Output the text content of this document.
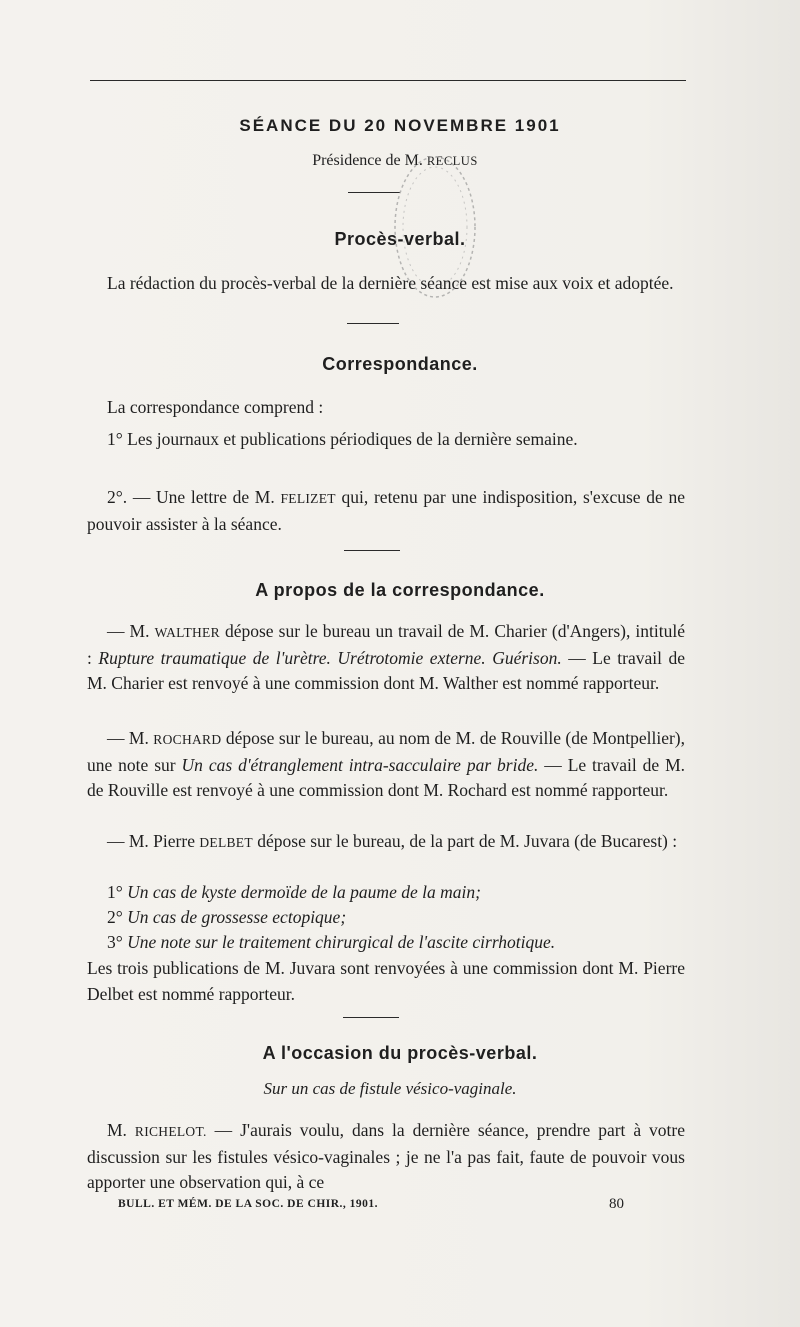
SÉANCE DU 20 NOVEMBRE 1901
Présidence de M. RECLUS
Procès-verbal.

La rédaction du procès-verbal de la dernière séance est mise aux voix et adoptée.

Correspondance.

La correspondance comprend :

1° Les journaux et publications périodiques de la dernière semaine.

2°. — Une lettre de M. FELIZET qui, retenu par une indisposition, s'excuse de ne pouvoir assister à la séance.

A propos de la correspondance.

— M. WALTHER dépose sur le bureau un travail de M. Charier (d'Angers), intitulé : Rupture traumatique de l'urètre. Urétrotomie externe. Guérison. — Le travail de M. Charier est renvoyé à une commission dont M. Walther est nommé rapporteur.

— M. ROCHARD dépose sur le bureau, au nom de M. de Rouville (de Montpellier), une note sur Un cas d'étranglement intra-sacculaire par bride. — Le travail de M. de Rouville est renvoyé à une commission dont M. Rochard est nommé rapporteur.

— M. Pierre DELBET dépose sur le bureau, de la part de M. Juvara (de Bucarest) :

1° Un cas de kyste dermoïde de la paume de la main;

2° Un cas de grossesse ectopique;

3° Une note sur le traitement chirurgical de l'ascite cirrhotique.

Les trois publications de M. Juvara sont renvoyées à une commission dont M. Pierre Delbet est nommé rapporteur.

A l'occasion du procès-verbal.
Sur un cas de fistule vésico-vaginale.

M. RICHELOT. — J'aurais voulu, dans la dernière séance, prendre part à votre discussion sur les fistules vésico-vaginales ; je ne l'a pas fait, faute de pouvoir vous apporter une observation qui, à ce

BULL. ET MÉM. DE LA SOC. DE CHIR., 1901.	80
